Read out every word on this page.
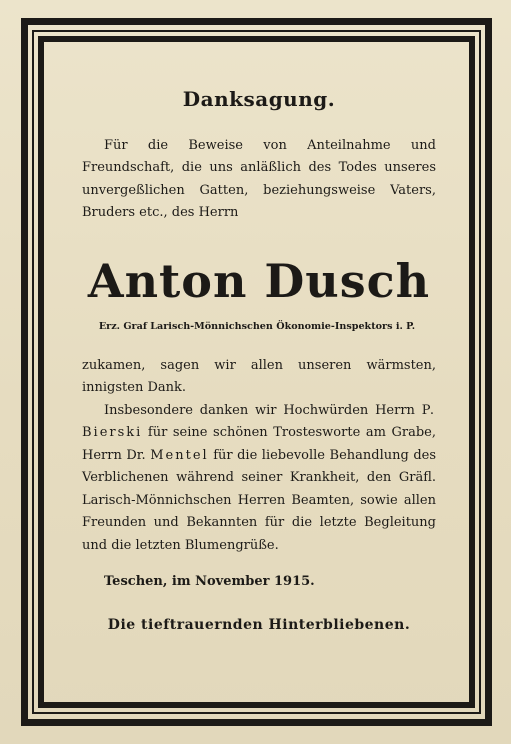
Danksagung.

Für die Beweise von Anteilnahme und Freundschaft, die uns anläßlich des Todes unseres unvergeßlichen Gatten, beziehungsweise Vaters, Bruders etc., des Herrn

Anton Dusch
Erz. Graf Larisch-Mönnichschen Ökonomie-Inspektors i. P.

zukamen, sagen wir allen unseren wärmsten, innigsten Dank.

Insbesondere danken wir Hochwürden Herrn P. Bierski für seine schönen Trostesworte am Grabe, Herrn Dr. Mentel für die liebevolle Behandlung des Verblichenen während seiner Krankheit, den Gräfl. Larisch-Mönnichschen Herren Beamten, sowie allen Freunden und Bekannten für die letzte Begleitung und die letzten Blumengrüße.

Teschen, im November 1915.

Die tieftrauernden Hinterbliebenen.
